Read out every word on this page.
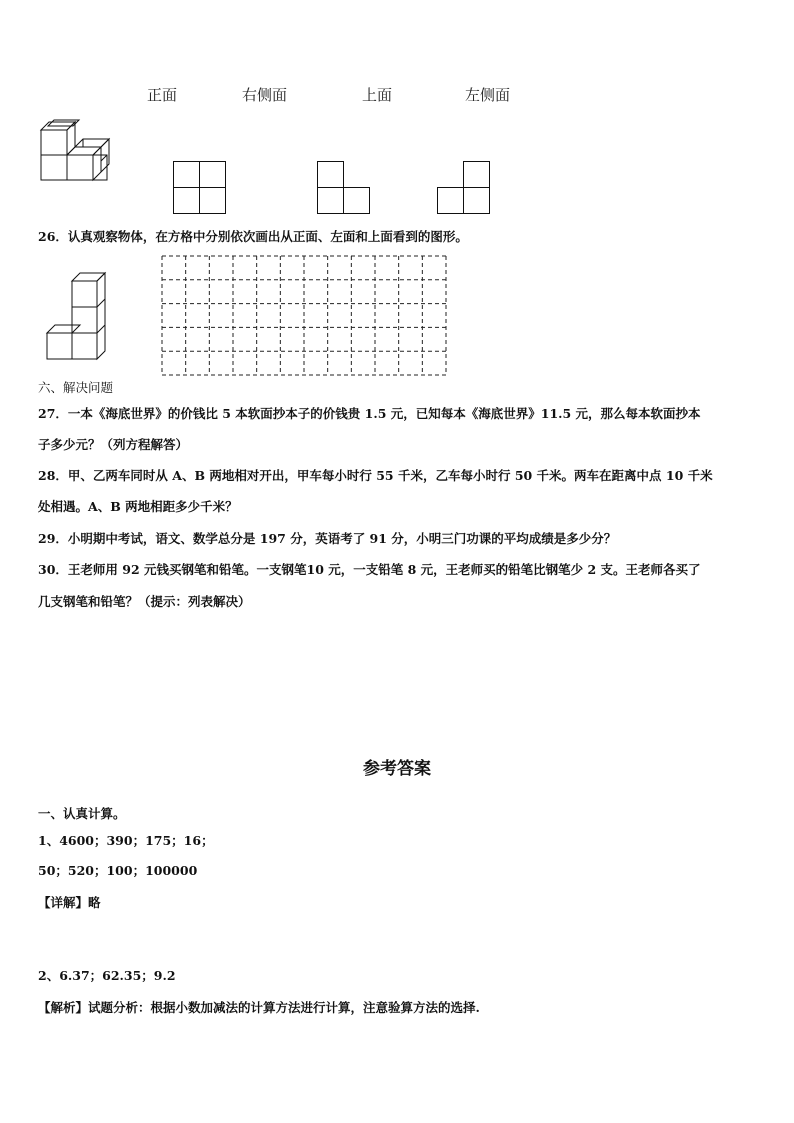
正面	右侧面	上面	左侧面
26．认真观察物体，在方格中分别依次画出从正面、左面和上面看到的图形。
六、解决问题
27．一本《海底世界》的价钱比 5 本软面抄本子的价钱贵 1.5 元，已知每本《海底世界》11.5 元，那么每本软面抄本
子多少元？（列方程解答）
28．甲、乙两车同时从 A、B 两地相对开出，甲车每小时行 55 千米，乙车每小时行 50 千米。两车在距离中点 10 千米
处相遇。A、B 两地相距多少千米？
29．小明期中考试，语文、数学总分是 197 分，英语考了 91 分，小明三门功课的平均成绩是多少分？
30．王老师用 92 元钱买钢笔和铅笔。一支钢笔10 元，一支铅笔 8 元，王老师买的铅笔比钢笔少 2 支。王老师各买了
几支钢笔和铅笔？（提示：列表解决）
参考答案
一、认真计算。
1、4600；390；175；16；
50；520；100；100000
【详解】略
2、6.37；62.35；9.2
【解析】试题分析：根据小数加减法的计算方法进行计算，注意验算方法的选择.
